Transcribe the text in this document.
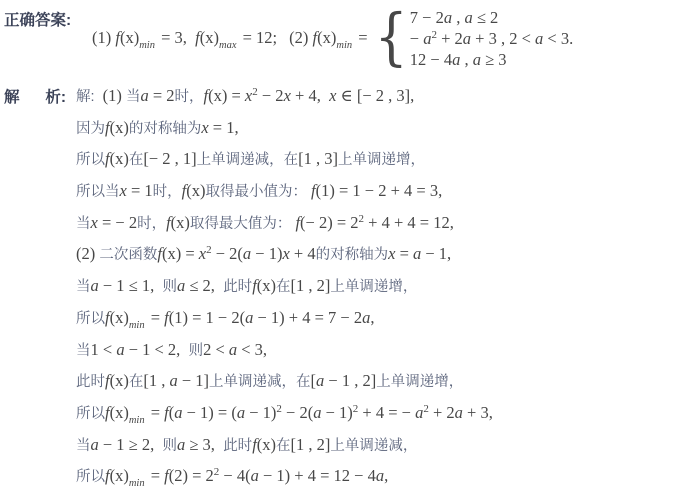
正确答案:
(1) $f(x)_{min} = 3$,  $f(x)_{max} = 12$; (2) $f(x)_{min}$ = { 7 − 2a , a ≤ 2
− $a^2 + 2a + 3$ , 2 < a < 3.
12 − 4a , a ≥ 3
解 析: 解:  (1) 当a = 2时，$f(x) = x^2 - 2x + 4$,  x ∈ [− 2 , 3],
因为f(x)的对称轴为x = 1,
所以f(x)在[− 2 , 1]上单调递减，在[1 , 3]上单调递增，
所以当x = 1时，f(x)取得最小值为： f(1) = 1 − 2 + 4 = 3,
当x = − 2时，f(x)取得最大值为： $f(- 2) = 2^2 + 4 + 4 = 12$,
(2) 二次函数$f(x) = x^2 - 2(a - 1)x + 4$的对称轴为x = a − 1,
当a − 1 ≤ 1,  则a ≤ 2,  此时f(x)在[1 , 2]上单调递增，
所以$f(x)_{min} = f(1) = 1 - 2(a - 1) + 4 = 7 - 2a$,
当1 < a − 1 < 2,  则2 < a < 3,
此时f(x)在[1 , a − 1]上单调递减，在[a − 1 , 2]上单调递增，
所以$f(x)_{min} = f(a - 1) = (a - 1)^2 - 2(a - 1)^2 + 4$ = − $a^2 + 2a + 3$,
当a − 1 ≥ 2,  则a ≥ 3,  此时f(x)在[1 , 2]上单调递减，
所以$f(x)_{min} = f(2) = 2^2 - 4(a - 1) + 4 = 12 - 4a$,
